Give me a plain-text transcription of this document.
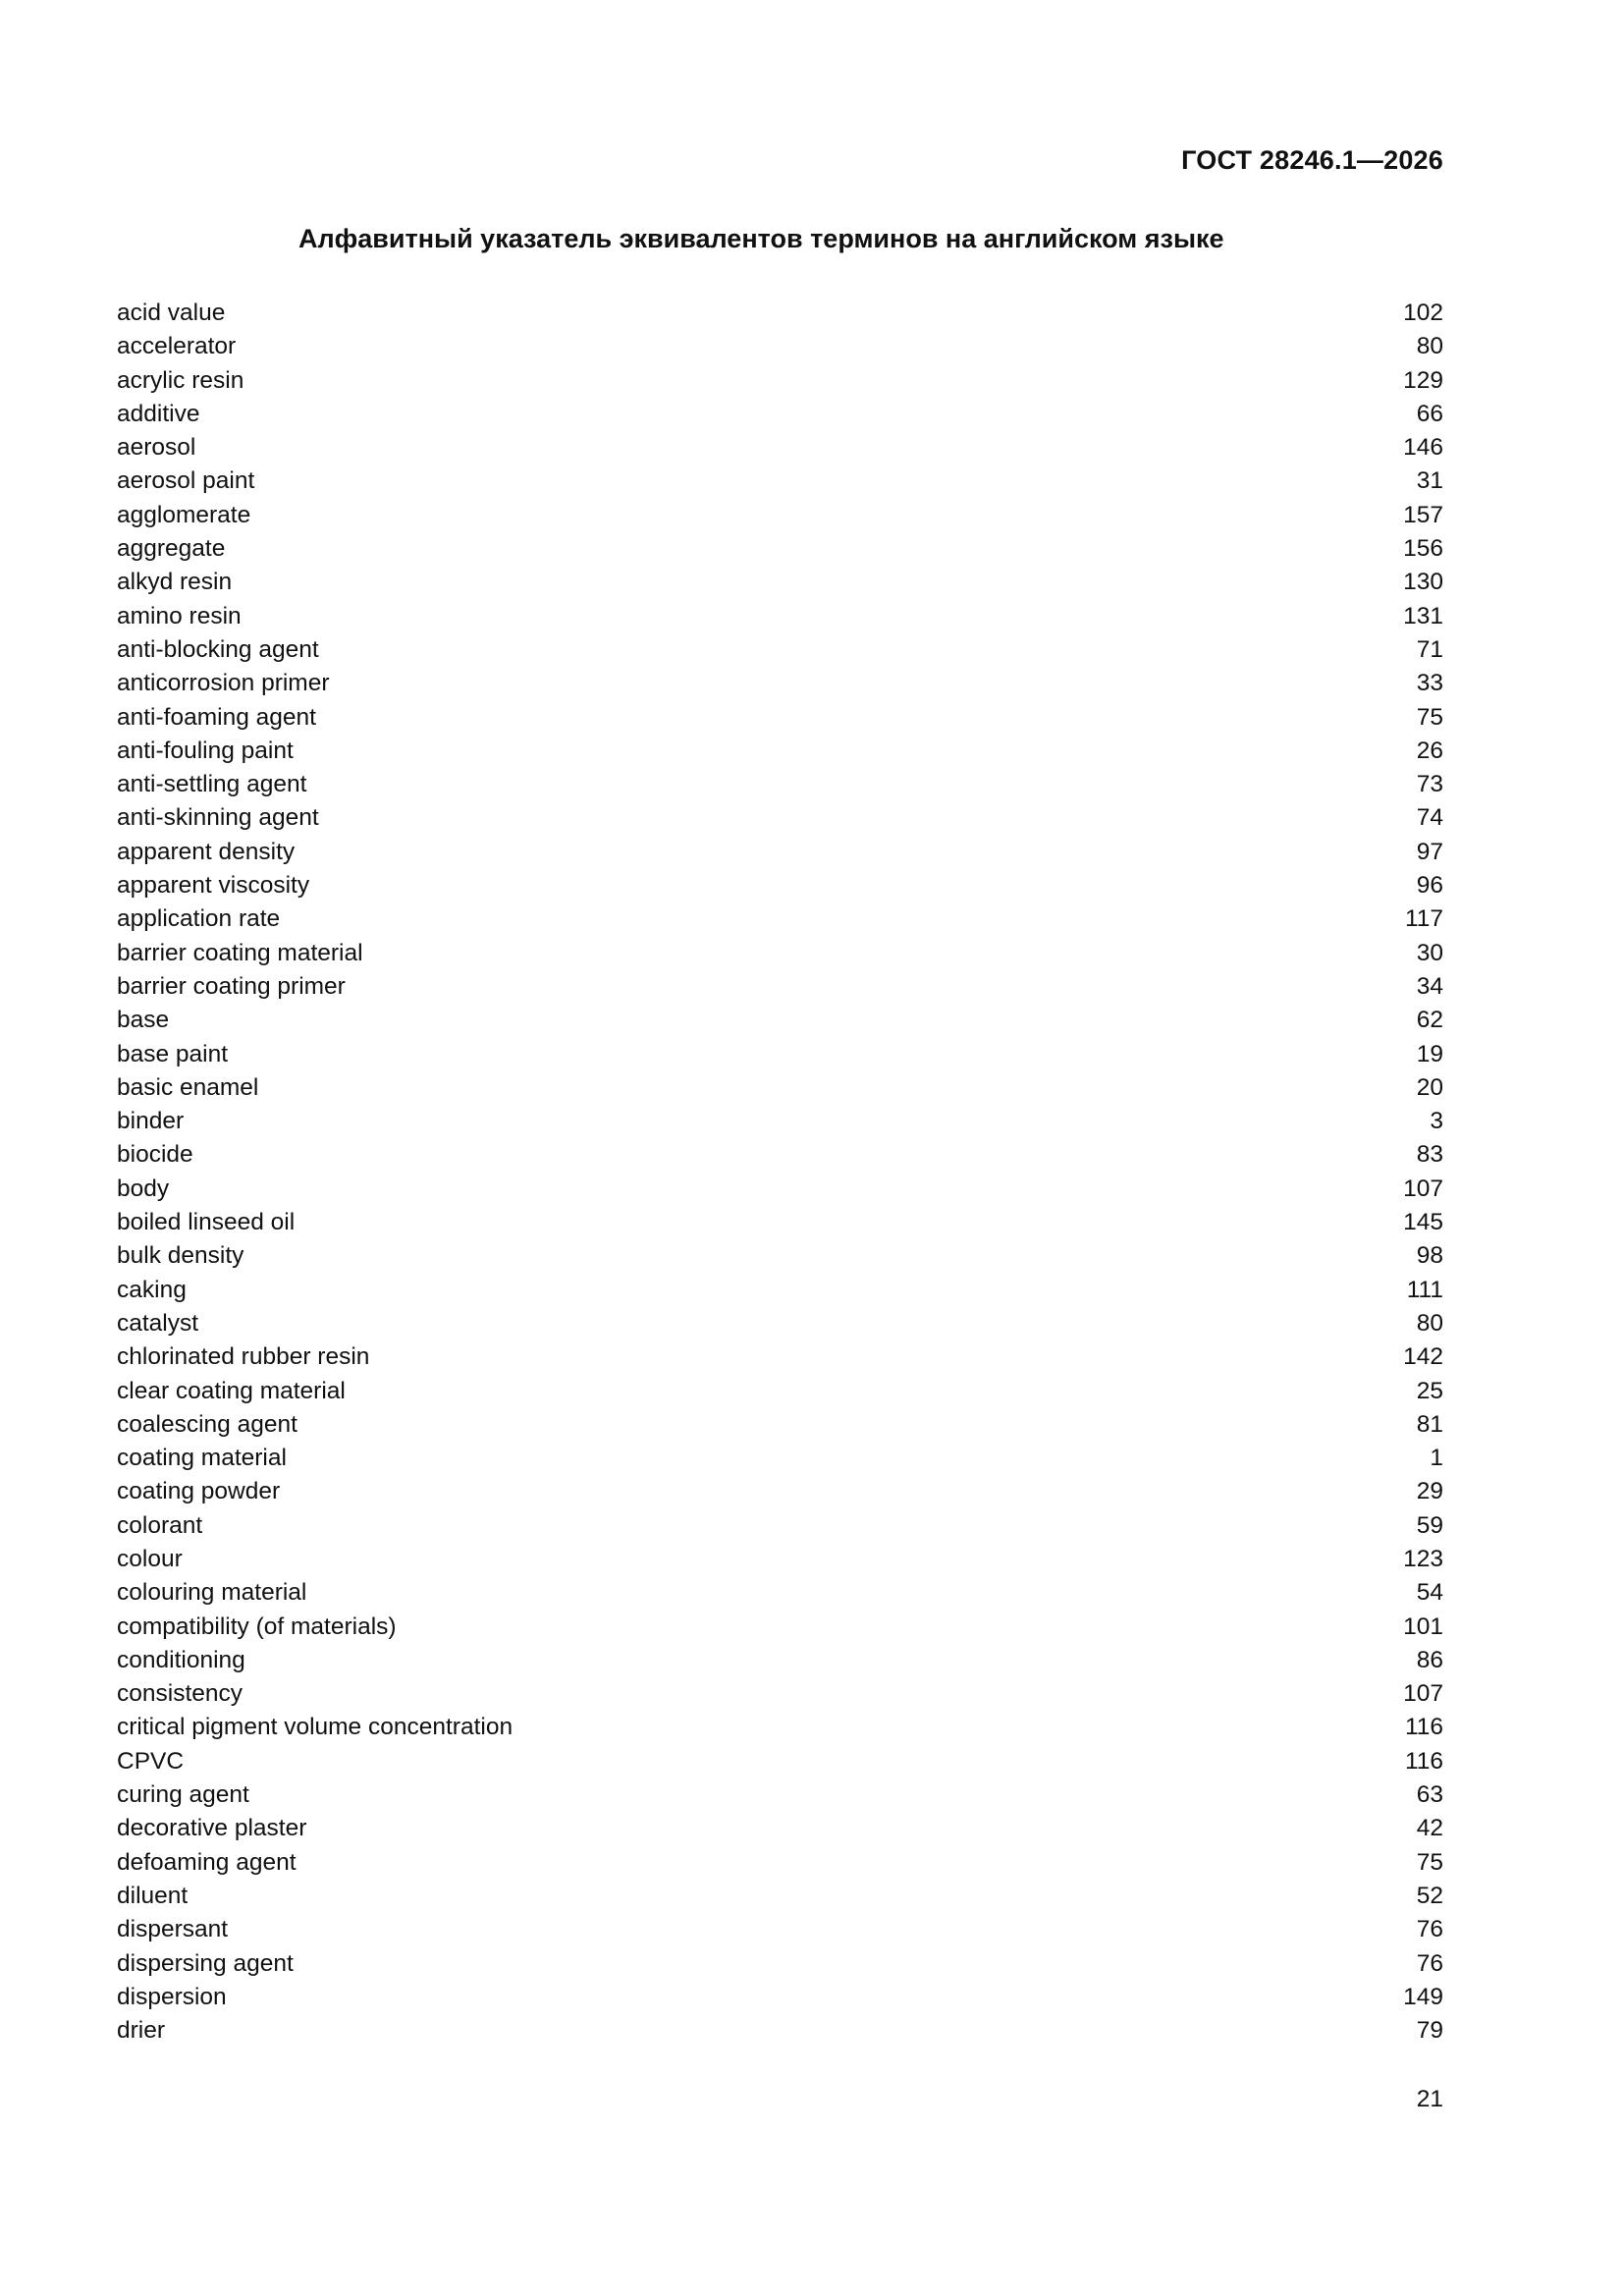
ГОСТ 28246.1—2026
Алфавитный указатель эквивалентов терминов на английском языке
acid value	102
accelerator	80
acrylic resin	129
additive	66
aerosol	146
aerosol paint	31
agglomerate	157
aggregate	156
alkyd resin	130
amino resin	131
anti-blocking agent	71
anticorrosion primer	33
anti-foaming agent	75
anti-fouling paint	26
anti-settling agent	73
anti-skinning agent	74
apparent density	97
apparent viscosity	96
application rate	117
barrier coating material	30
barrier coating primer	34
base	62
base paint	19
basic enamel	20
binder	3
biocide	83
body	107
boiled linseed oil	145
bulk density	98
caking	111
catalyst	80
chlorinated rubber resin	142
clear coating material	25
coalescing agent	81
coating material	1
coating powder	29
colorant	59
colour	123
colouring material	54
compatibility (of materials)	101
conditioning	86
consistency	107
critical pigment volume concentration	116
CPVC	116
curing agent	63
decorative plaster	42
defoaming agent	75
diluent	52
dispersant	76
dispersing agent	76
dispersion	149
drier	79
21
